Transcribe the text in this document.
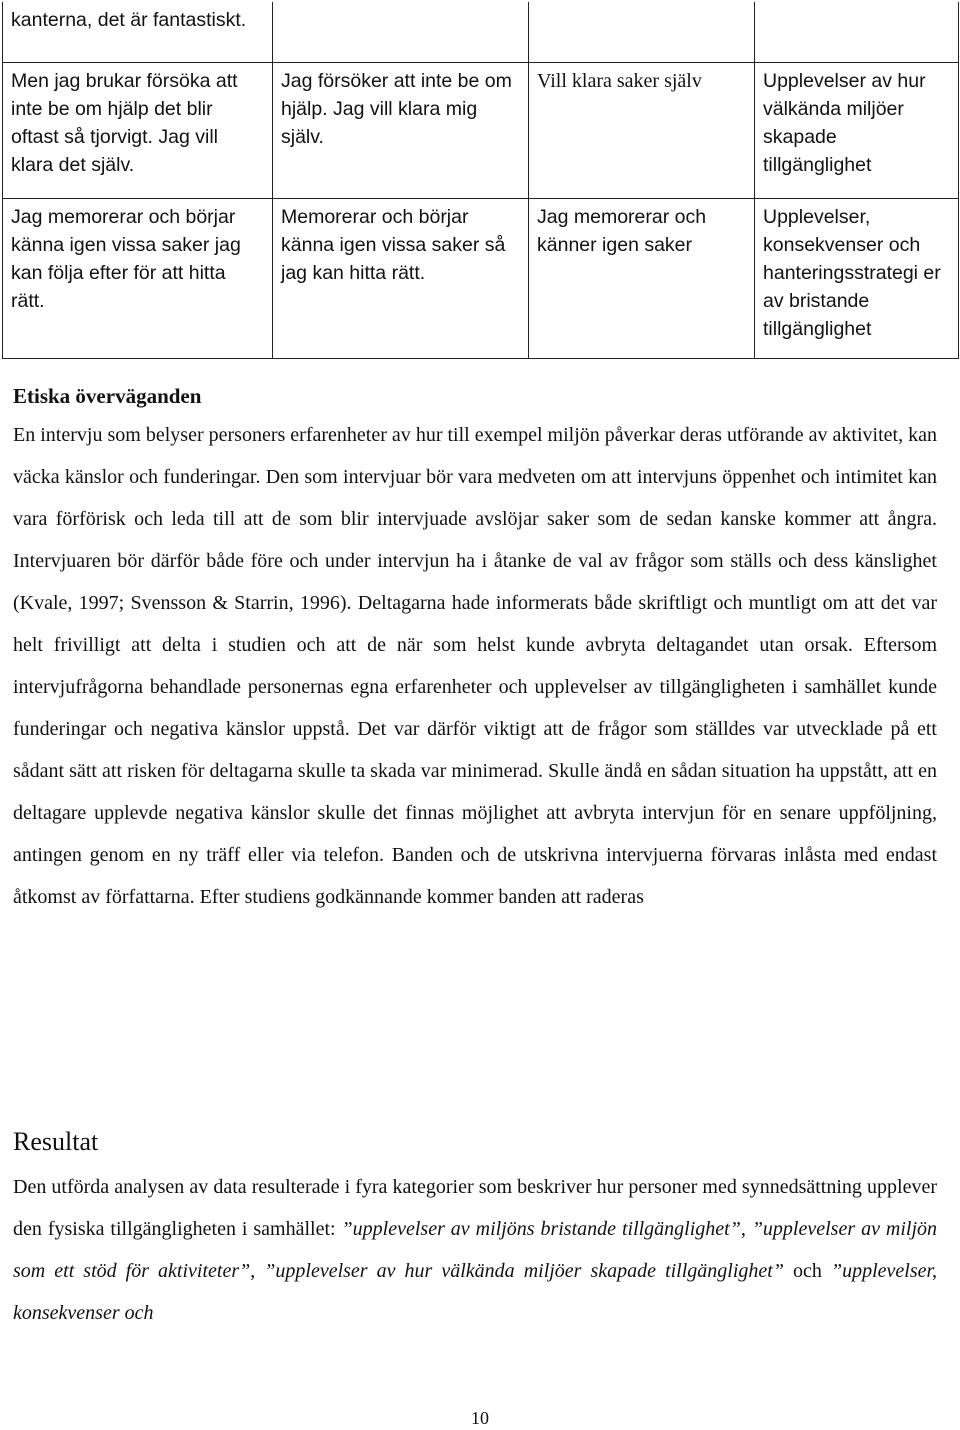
kanterna, det är fantastiskt.			
Men jag brukar försöka att inte be om hjälp det blir oftast så tjorvigt. Jag vill klara det själv.	Jag försöker att inte be om hjälp. Jag vill klara mig själv.	Vill klara saker själv	Upplevelser av hur välkända miljöer skapade tillgänglighet
Jag memorerar och börjar känna igen vissa saker jag kan följa efter för att hitta rätt.	Memorerar och börjar känna igen vissa saker så jag kan hitta rätt.	Jag memorerar och känner igen saker	Upplevelser, konsekvenser och hanteringsstrategi er av bristande tillgänglighet
Etiska överväganden

En intervju som belyser personers erfarenheter av hur till exempel miljön påverkar deras utförande av aktivitet, kan väcka känslor och funderingar. Den som intervjuar bör vara medveten om att intervjuns öppenhet och intimitet kan vara förförisk och leda till att de som blir intervjuade avslöjar saker som de sedan kanske kommer att ångra. Intervjuaren bör därför både före och under intervjun ha i åtanke de val av frågor som ställs och dess känslighet (Kvale, 1997; Svensson & Starrin, 1996). Deltagarna hade informerats både skriftligt och muntligt om att det var helt frivilligt att delta i studien och att de när som helst kunde avbryta deltagandet utan orsak. Eftersom intervjufrågorna behandlade personernas egna erfarenheter och upplevelser av tillgängligheten i samhället kunde funderingar och negativa känslor uppstå. Det var därför viktigt att de frågor som ställdes var utvecklade på ett sådant sätt att risken för deltagarna skulle ta skada var minimerad. Skulle ändå en sådan situation ha uppstått, att en deltagare upplevde negativa känslor skulle det finnas möjlighet att avbryta intervjun för en senare uppföljning, antingen genom en ny träff eller via telefon. Banden och de utskrivna intervjuerna förvaras inlåsta med endast åtkomst av författarna. Efter studiens godkännande kommer banden att raderas

Resultat

Den utförda analysen av data resulterade i fyra kategorier som beskriver hur personer med synnedsättning upplever den fysiska tillgängligheten i samhället: ”upplevelser av miljöns bristande tillgänglighet”, ”upplevelser av miljön som ett stöd för aktiviteter”, ”upplevelser av hur välkända miljöer skapade tillgänglighet” och ”upplevelser, konsekvenser och

10
